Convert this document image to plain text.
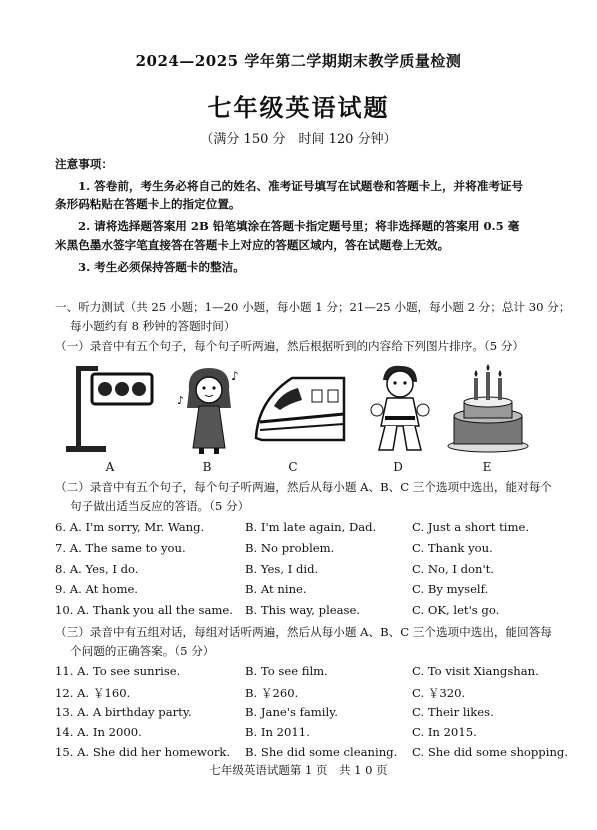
2024—2025 学年第二学期期末教学质量检测
七年级英语试题
（满分 150 分　时间 120 分钟）
注意事项：
1. 答卷前，考生务必将自己的姓名、准考证号填写在试题卷和答题卡上，并将准考证号
条形码粘贴在答题卡上的指定位置。
2. 请将选择题答案用 2B 铅笔填涂在答题卡指定题号里；将非选择题的答案用 0.5 毫
米黑色墨水签字笔直接答在答题卡上对应的答题区域内，答在试题卷上无效。
3. 考生必须保持答题卡的整洁。
一、听力测试（共 25 小题；1—20 小题，每小题 1 分；21—25 小题，每小题 2 分；总计 30 分；
每小题约有 8 秒钟的答题时间）
（一）录音中有五个句子，每个句子听两遍，然后根据听到的内容给下列图片排序。（5 分）
♪
♪
A	B	C	D	E
（二）录音中有五个句子，每个句子听两遍，然后从每小题 A、B、C 三个选项中选出，能对每个
句子做出适当反应的答语。（5 分）
6. A. I'm sorry, Mr. Wang.	B. I'm late again, Dad.	C. Just a short time.
7. A. The same to you.	B. No problem.	C. Thank you.
8. A. Yes, I do.	B. Yes, I did.	C. No, I don't.
9. A. At home.	B. At nine.	C. By myself.
10. A. Thank you all the same. B. This way, please.	C. OK, let's go.
（三）录音中有五组对话，每组对话听两遍，然后从每小题 A、B、C 三个选项中选出，能回答每
个问题的正确答案。（5 分）
11. A. To see sunrise.	B. To see film.	C. To visit Xiangshan.
12. A. ￥160.	B. ￥260.	C. ￥320.
13. A. A birthday party.	B. Jane's family.	C. Their likes.
14. A. In 2000.	B. In 2011.	C. In 2015.
15. A. She did her homework. B. She did some cleaning. C. She did some shopping.
七年级英语试题第 1 页　共 1 0 页
